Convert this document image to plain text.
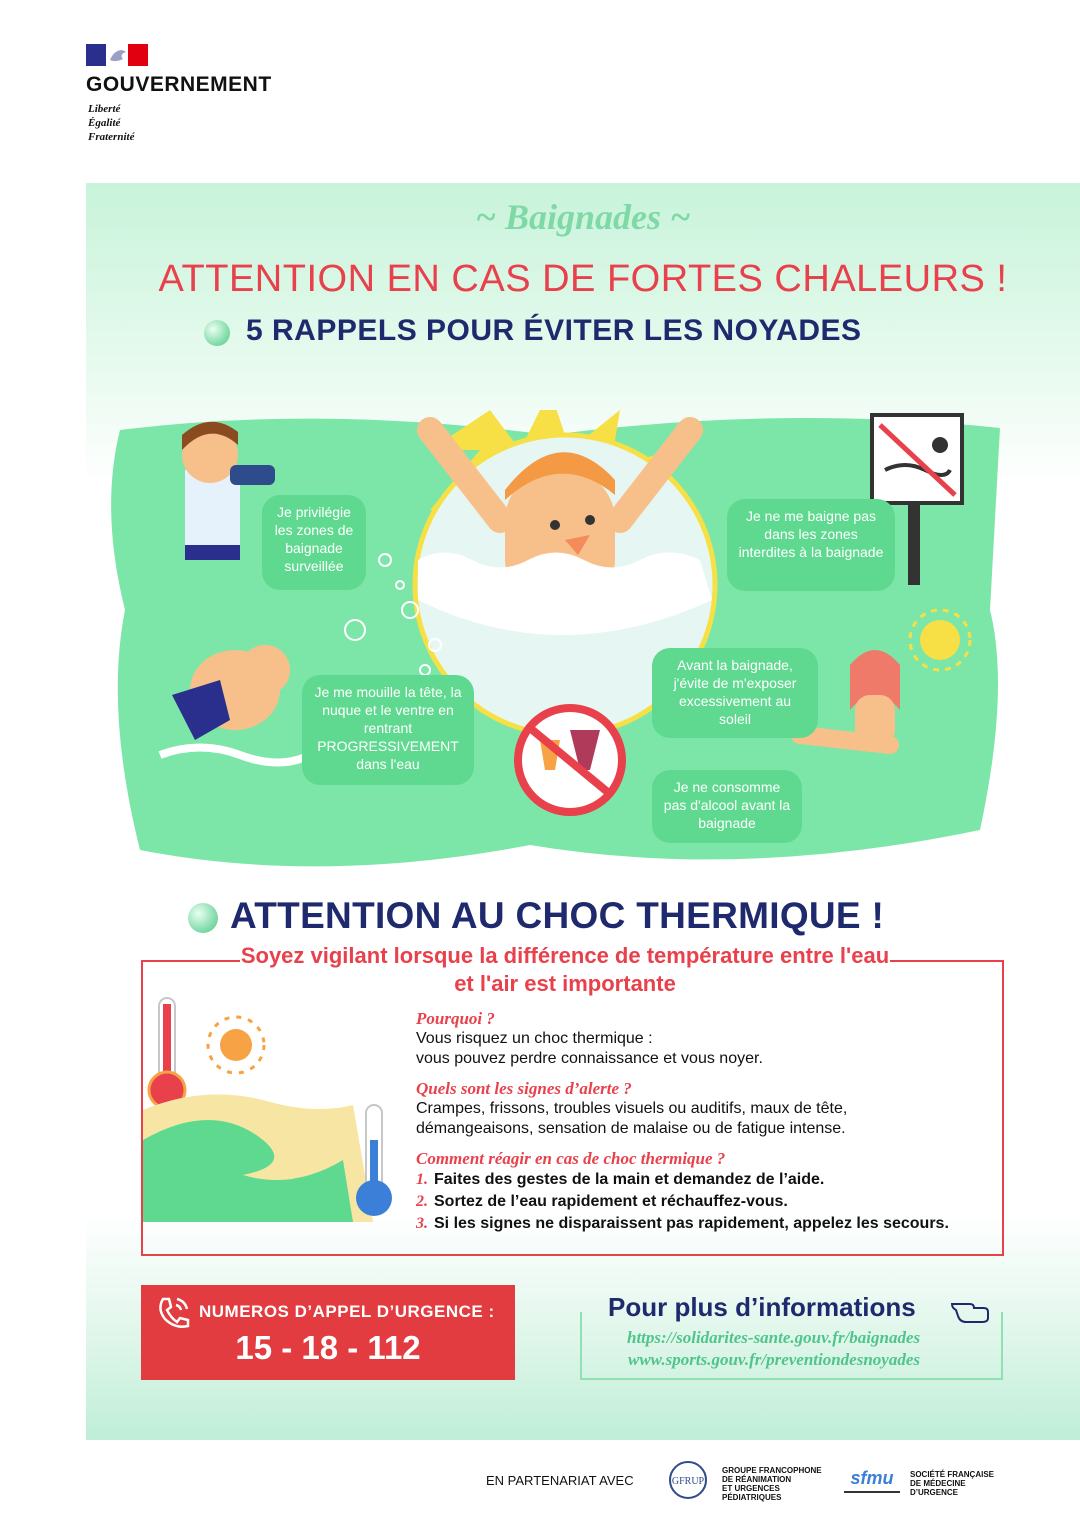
GOUVERNEMENT
Liberté
Égalité
Fraternité
~ Baignades ~
ATTENTION EN CAS DE FORTES CHALEURS !
5 RAPPELS POUR ÉVITER LES NOYADES
Je privilégie les zones de baignade surveillée
Je ne me baigne pas dans les zones interdites à la baignade
Je me mouille la tête, la nuque et le ventre en rentrant PROGRESSIVEMENT dans l'eau
Avant la baignade, j'évite de m'exposer excessivement au soleil
Je ne consomme pas d'alcool avant la baignade
ATTENTION AU CHOC THERMIQUE !
Soyez vigilant lorsque la différence de température entre l'eau et l'air est importante
Pourquoi ?
Vous risquez un choc thermique :
vous pouvez perdre connaissance et vous noyer.
Quels sont les signes d’alerte ?
Crampes, frissons, troubles visuels ou auditifs, maux de tête,
démangeaisons, sensation de malaise ou de fatigue intense.
Comment réagir en cas de choc thermique ?
1. Faites des gestes de la main et demandez de l’aide.
2. Sortez de l’eau rapidement et réchauffez-vous.
3. Si les signes ne disparaissent pas rapidement, appelez les secours.
NUMEROS D’APPEL D’URGENCE :
15 - 18 - 112
Pour plus d’informations
https://solidarites-sante.gouv.fr/baignades
www.sports.gouv.fr/preventiondesnoyades
EN PARTENARIAT AVEC	GFRUP
GROUPE FRANCOPHONE
DE RÉANIMATION
ET URGENCES
PÉDIATRIQUES
sfmu SOCIÉTÉ FRANÇAISE
DE MÉDECINE
D’URGENCE
